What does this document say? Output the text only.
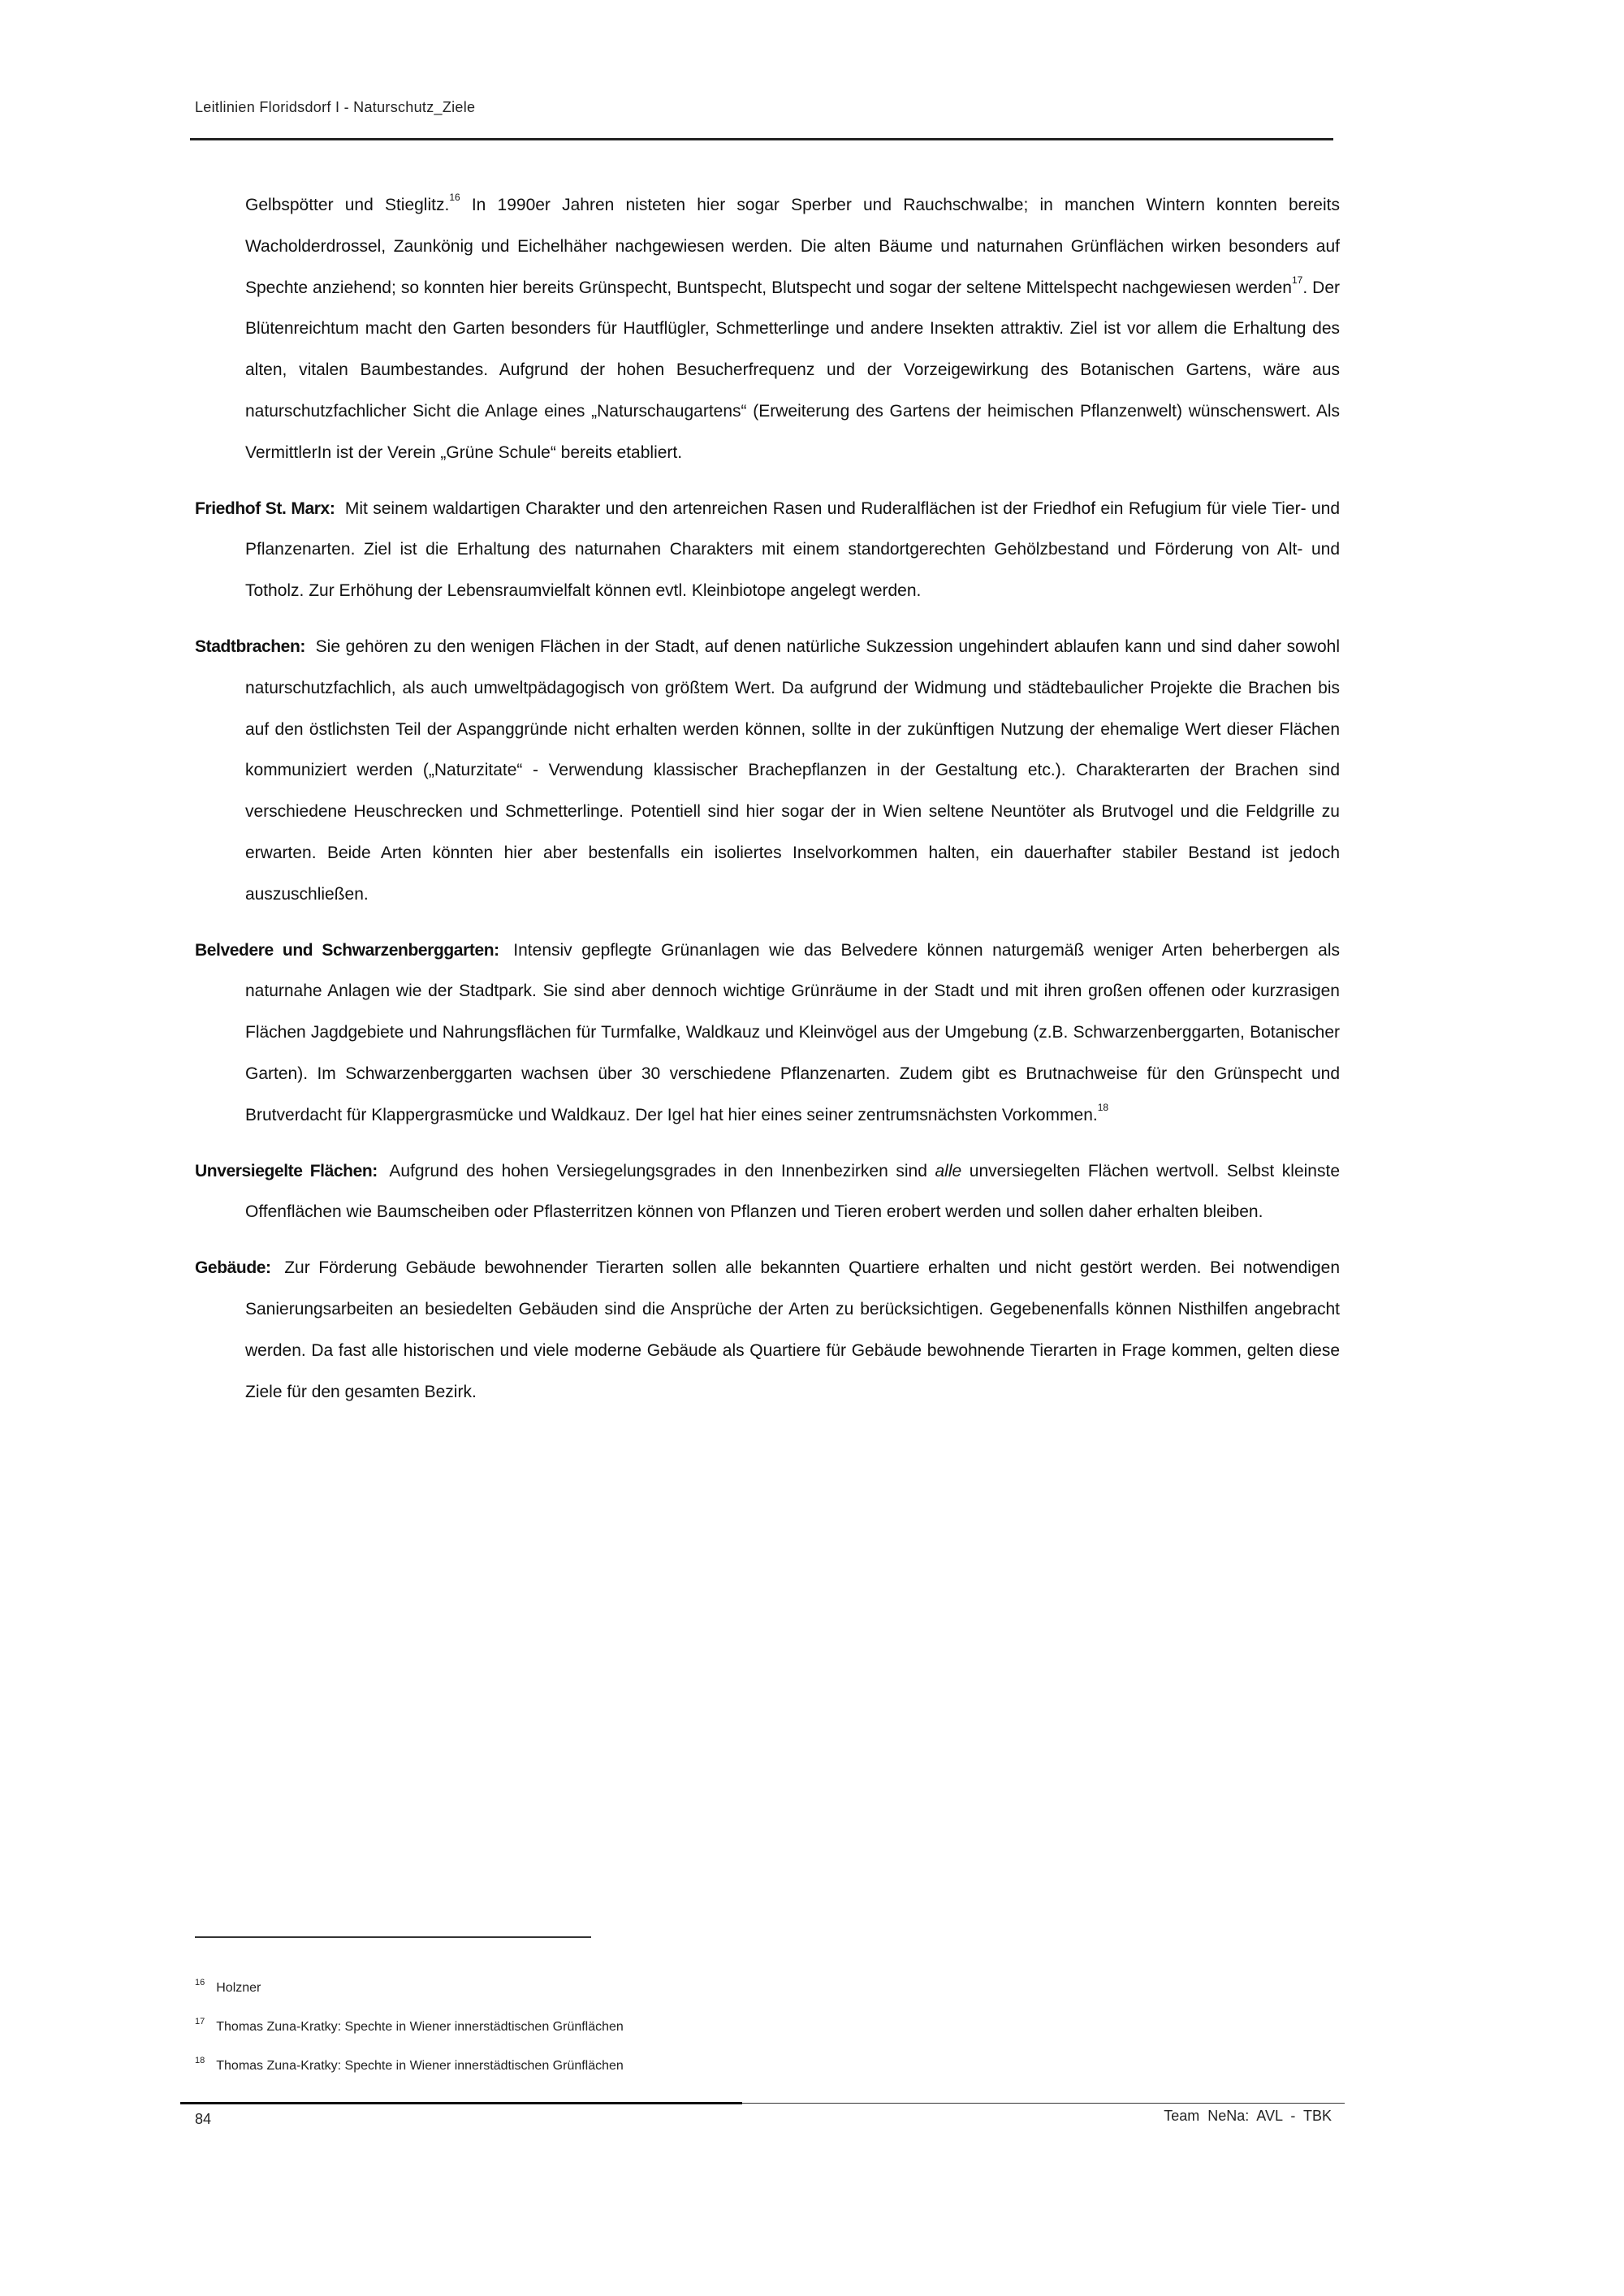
Leitlinien Floridsdorf I - Naturschutz_Ziele

Gelbspötter und Stieglitz.$^{16}$ In 1990er Jahren nisteten hier sogar Sperber und Rauchschwalbe; in manchen Wintern konnten bereits Wacholderdrossel, Zaunkönig und Eichelhäher nachgewiesen werden. Die alten Bäume und naturnahen Grünflächen wirken besonders auf Spechte anziehend; so konnten hier bereits Grünspecht, Buntspecht, Blutspecht und sogar der seltene Mittelspecht nachgewiesen werden$^{17}$. Der Blütenreichtum macht den Garten besonders für Hautflügler, Schmetterlinge und andere Insekten attraktiv. Ziel ist vor allem die Erhaltung des alten, vitalen Baumbestandes. Aufgrund der hohen Besucherfrequenz und der Vorzeigewirkung des Botanischen Gartens, wäre aus naturschutzfachlicher Sicht die Anlage eines „Naturschaugartens“ (Erweiterung des Gartens der heimischen Pflanzenwelt) wünschenswert. Als VermittlerIn ist der Verein „Grüne Schule“ bereits etabliert.

Friedhof St. Marx: Mit seinem waldartigen Charakter und den artenreichen Rasen und Ruderalflächen ist der Friedhof ein Refugium für viele Tier- und Pflanzenarten. Ziel ist die Erhaltung des naturnahen Charakters mit einem standortgerechten Gehölzbestand und Förderung von Alt- und Totholz. Zur Erhöhung der Lebensraumvielfalt können evtl. Kleinbiotope angelegt werden.

Stadtbrachen: Sie gehören zu den wenigen Flächen in der Stadt, auf denen natürliche Sukzession ungehindert ablaufen kann und sind daher sowohl naturschutzfachlich, als auch umweltpädagogisch von größtem Wert. Da aufgrund der Widmung und städtebaulicher Projekte die Brachen bis auf den östlichsten Teil der Aspanggründe nicht erhalten werden können, sollte in der zukünftigen Nutzung der ehemalige Wert dieser Flächen kommuniziert werden („Naturzitate“ - Verwendung klassischer Brachepflanzen in der Gestaltung etc.). Charakterarten der Brachen sind verschiedene Heuschrecken und Schmetterlinge. Potentiell sind hier sogar der in Wien seltene Neuntöter als Brutvogel und die Feldgrille zu erwarten. Beide Arten könnten hier aber bestenfalls ein isoliertes Inselvorkommen halten, ein dauerhafter stabiler Bestand ist jedoch auszuschließen.

Belvedere und Schwarzenberggarten: Intensiv gepflegte Grünanlagen wie das Belvedere können naturgemäß weniger Arten beherbergen als naturnahe Anlagen wie der Stadtpark. Sie sind aber dennoch wichtige Grünräume in der Stadt und mit ihren großen offenen oder kurzrasigen Flächen Jagdgebiete und Nahrungsflächen für Turmfalke, Waldkauz und Kleinvögel aus der Umgebung (z.B. Schwarzenberggarten, Botanischer Garten). Im Schwarzenberggarten wachsen über 30 verschiedene Pflanzenarten. Zudem gibt es Brutnachweise für den Grünspecht und Brutverdacht für Klappergrasmücke und Waldkauz. Der Igel hat hier eines seiner zentrumsnächsten Vorkommen.$^{18}$

Unversiegelte Flächen: Aufgrund des hohen Versiegelungsgrades in den Innenbezirken sind alle unversiegelten Flächen wertvoll. Selbst kleinste Offenflächen wie Baumscheiben oder Pflasterritzen können von Pflanzen und Tieren erobert werden und sollen daher erhalten bleiben.

Gebäude: Zur Förderung Gebäude bewohnender Tierarten sollen alle bekannten Quartiere erhalten und nicht gestört werden. Bei notwendigen Sanierungsarbeiten an besiedelten Gebäuden sind die Ansprüche der Arten zu berücksichtigen. Gegebenenfalls können Nisthilfen angebracht werden. Da fast alle historischen und viele moderne Gebäude als Quartiere für Gebäude bewohnende Tierarten in Frage kommen, gelten diese Ziele für den gesamten Bezirk.

$^{16}$ Holzner
$^{17}$ Thomas Zuna-Kratky: Spechte in Wiener innerstädtischen Grünflächen
$^{18}$ Thomas Zuna-Kratky: Spechte in Wiener innerstädtischen Grünflächen
84	Team NeNa: AVL - TBK
